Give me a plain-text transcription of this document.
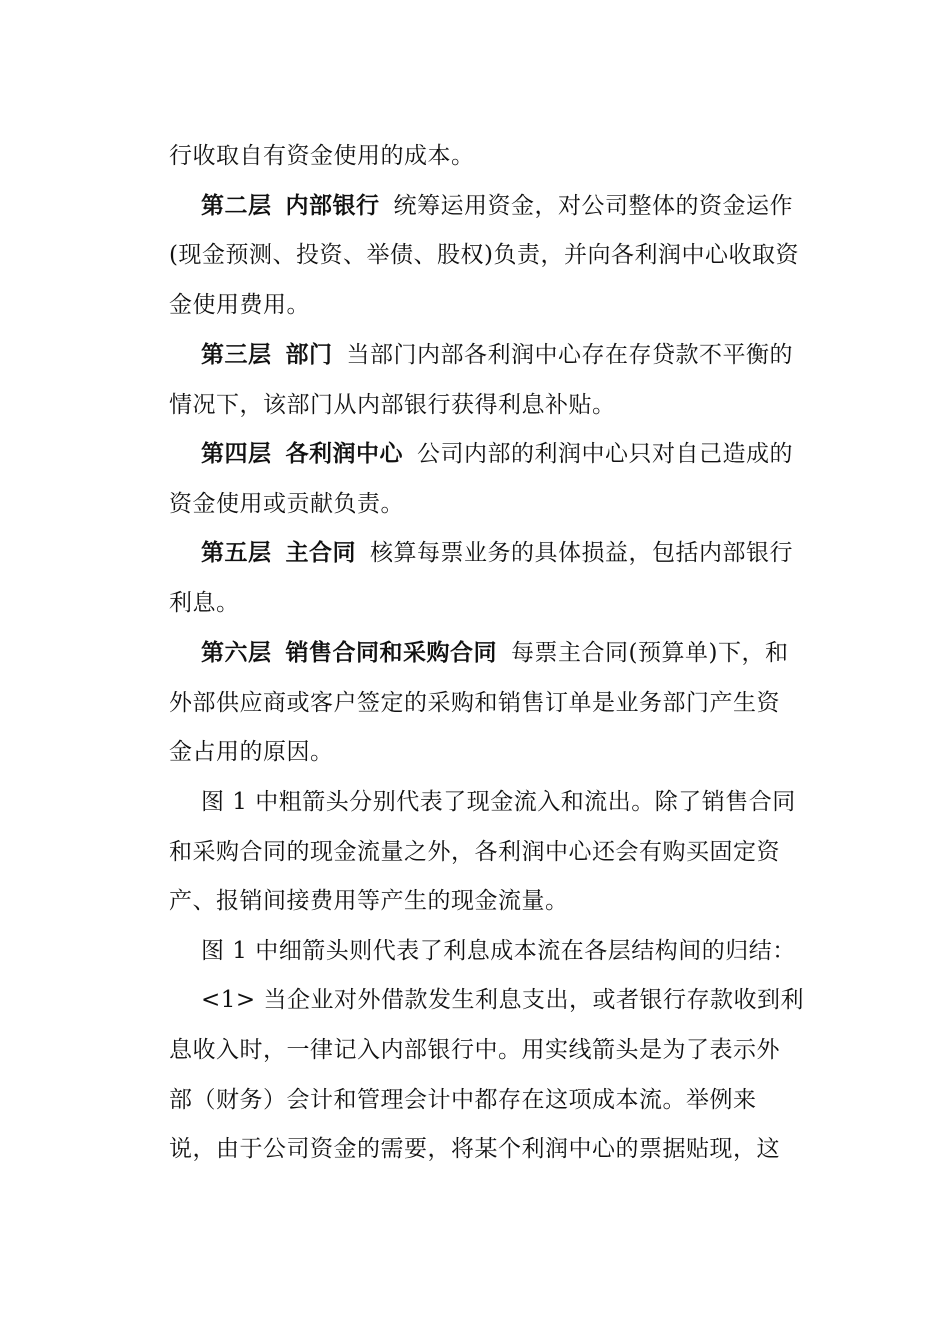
行收取自有资金使用的成本。
第二层 内部银行 统筹运用资金，对公司整体的资金运作
(现金预测、投资、举债、股权)负责，并向各利润中心收取资
金使用费用。
第三层 部门 当部门内部各利润中心存在存贷款不平衡的
情况下，该部门从内部银行获得利息补贴。
第四层 各利润中心 公司内部的利润中心只对自己造成的
资金使用或贡献负责。
第五层 主合同 核算每票业务的具体损益，包括内部银行
利息。
第六层 销售合同和采购合同 每票主合同(预算单)下，和
外部供应商或客户签定的采购和销售订单是业务部门产生资
金占用的原因。
图 1 中粗箭头分别代表了现金流入和流出。除了销售合同
和采购合同的现金流量之外，各利润中心还会有购买固定资
产、报销间接费用等产生的现金流量。
图 1 中细箭头则代表了利息成本流在各层结构间的归结：
<1> 当企业对外借款发生利息支出，或者银行存款收到利
息收入时，一律记入内部银行中。用实线箭头是为了表示外
部（财务）会计和管理会计中都存在这项成本流。举例来
说，由于公司资金的需要，将某个利润中心的票据贴现，这
